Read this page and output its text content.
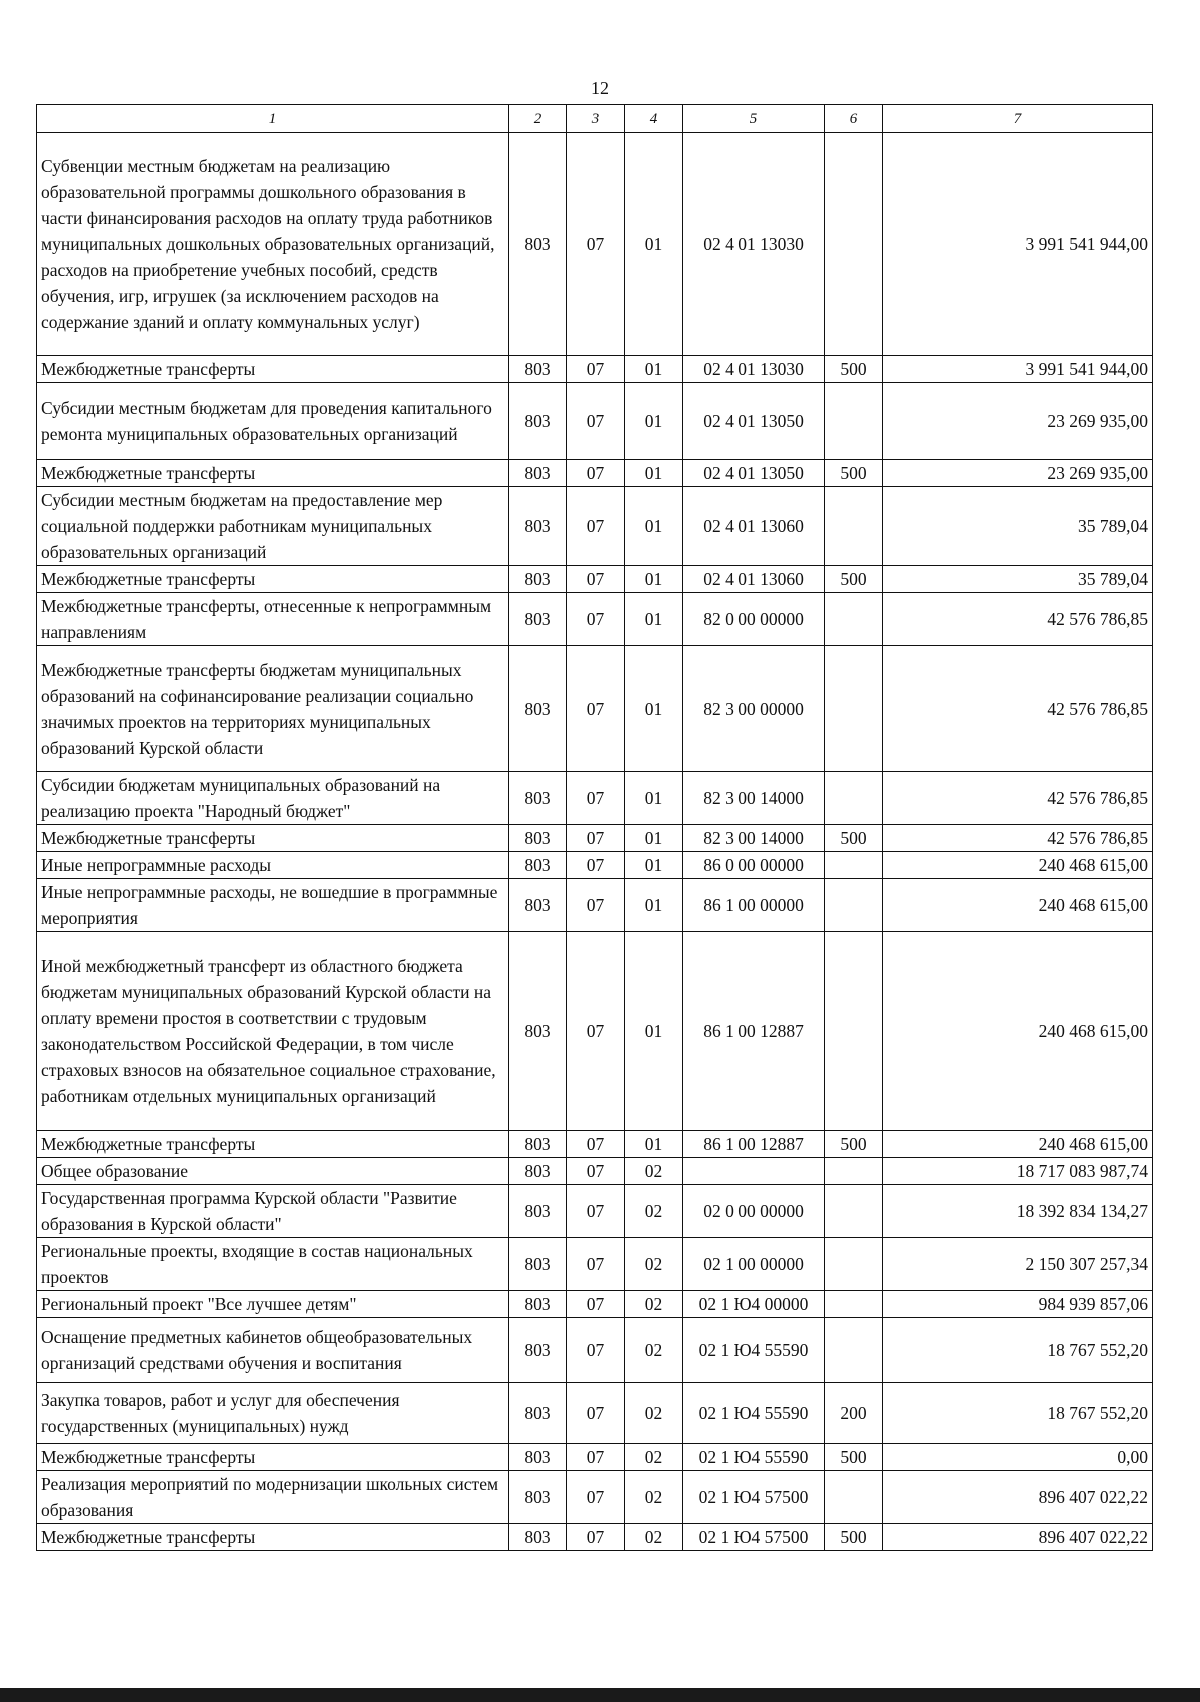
12
1	2	3	4	5	6	7
Субвенции местным бюджетам на реализацию образовательной программы дошкольного образования в части финансирования расходов на оплату труда работников муниципальных дошкольных образовательных организаций, расходов на приобретение учебных пособий, средств обучения, игр, игрушек (за исключением расходов на содержание зданий и оплату коммунальных услуг)	803	07	01	02 4 01 13030		3 991 541 944,00
Межбюджетные трансферты	803	07	01	02 4 01 13030	500	3 991 541 944,00
Субсидии местным бюджетам для проведения капитального ремонта муниципальных образовательных организаций	803	07	01	02 4 01 13050		23 269 935,00
Межбюджетные трансферты	803	07	01	02 4 01 13050	500	23 269 935,00
Субсидии местным бюджетам на предоставление мер социальной поддержки работникам муниципальных образовательных организаций	803	07	01	02 4 01 13060		35 789,04
Межбюджетные трансферты	803	07	01	02 4 01 13060	500	35 789,04
Межбюджетные трансферты, отнесенные к непрограммным направлениям	803	07	01	82 0 00 00000		42 576 786,85
Межбюджетные трансферты бюджетам муниципальных образований на софинансирование реализации социально значимых проектов на территориях муниципальных образований Курской области	803	07	01	82 3 00 00000		42 576 786,85
Субсидии бюджетам муниципальных образований на реализацию проекта "Народный бюджет"	803	07	01	82 3 00 14000		42 576 786,85
Межбюджетные трансферты	803	07	01	82 3 00 14000	500	42 576 786,85
Иные непрограммные расходы	803	07	01	86 0 00 00000		240 468 615,00
Иные непрограммные расходы, не вошедшие в программные мероприятия	803	07	01	86 1 00 00000		240 468 615,00
Иной межбюджетный трансферт из областного бюджета бюджетам муниципальных образований Курской области на оплату времени простоя в соответствии с трудовым законодательством Российской Федерации, в том числе страховых взносов на обязательное социальное страхование, работникам отдельных муниципальных организаций	803	07	01	86 1 00 12887		240 468 615,00
Межбюджетные трансферты	803	07	01	86 1 00 12887	500	240 468 615,00
Общее образование	803	07	02			18 717 083 987,74
Государственная программа Курской области "Развитие образования в Курской области"	803	07	02	02 0 00 00000		18 392 834 134,27
Региональные проекты, входящие в состав национальных проектов	803	07	02	02 1 00 00000		2 150 307 257,34
Региональный проект "Все лучшее детям"	803	07	02	02 1 Ю4 00000		984 939 857,06
Оснащение предметных кабинетов общеобразовательных организаций средствами обучения и воспитания	803	07	02	02 1 Ю4 55590		18 767 552,20
Закупка товаров, работ и услуг для обеспечения государственных (муниципальных) нужд	803	07	02	02 1 Ю4 55590	200	18 767 552,20
Межбюджетные трансферты	803	07	02	02 1 Ю4 55590	500	0,00
Реализация мероприятий по модернизации школьных систем образования	803	07	02	02 1 Ю4 57500		896 407 022,22
Межбюджетные трансферты	803	07	02	02 1 Ю4 57500	500	896 407 022,22
